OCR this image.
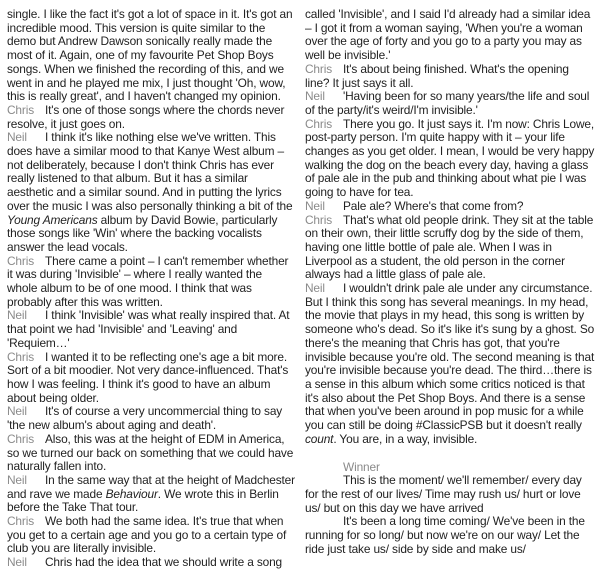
single. I like the fact it's got a lot of space in it. It's got an incredible mood. This version is quite similar to the demo but Andrew Dawson sonically really made the most of it. Again, one of my favourite Pet Shop Boys songs. When we finished the recording of this, and we went in and he played me mix, I just thought 'Oh, wow, this is really great', and I haven't changed my opinion.

Chris It's one of those songs where the chords never resolve, it just goes on.

Neil I think it's like nothing else we've written. This does have a similar mood to that Kanye West album – not deliberately, because I don't think Chris has ever really listened to that album. But it has a similar aesthetic and a similar sound. And in putting the lyrics over the music I was also personally thinking a bit of the Young Americans album by David Bowie, particularly those songs like 'Win' where the backing vocalists answer the lead vocals.

Chris There came a point – I can't remember whether it was during 'Invisible' – where I really wanted the whole album to be of one mood. I think that was probably after this was written.

Neil I think 'Invisible' was what really inspired that. At that point we had 'Invisible' and 'Leaving' and 'Requiem…'

Chris I wanted it to be reflecting one's age a bit more. Sort of a bit moodier. Not very dance-influenced. That's how I was feeling. I think it's good to have an album about being older.

Neil It's of course a very uncommercial thing to say 'the new album's about aging and death'.

Chris Also, this was at the height of EDM in America, so we turned our back on something that we could have naturally fallen into.

Neil In the same way that at the height of Madchester and rave we made Behaviour. We wrote this in Berlin before the Take That tour.

Chris We both had the same idea. It's true that when you get to a certain age and you go to a certain type of club you are literally invisible.

Neil Chris had the idea that we should write a song

called 'Invisible', and I said I'd already had a similar idea – I got it from a woman saying, 'When you're a woman over the age of forty and you go to a party you may as well be invisible.'

Chris It's about being finished. What's the opening line? It just says it all.

Neil 'Having been for so many years/the life and soul of the party/it's weird/I'm invisible.'

Chris There you go. It just says it. I'm now: Chris Lowe, post-party person. I'm quite happy with it – your life changes as you get older. I mean, I would be very happy walking the dog on the beach every day, having a glass of pale ale in the pub and thinking about what pie I was going to have for tea.

Neil Pale ale? Where's that come from?

Chris That's what old people drink. They sit at the table on their own, their little scruffy dog by the side of them, having one little bottle of pale ale. When I was in Liverpool as a student, the old person in the corner always had a little glass of pale ale.

Neil I wouldn't drink pale ale under any circumstance. But I think this song has several meanings. In my head, the movie that plays in my head, this song is written by someone who's dead. So it's like it's sung by a ghost. So there's the meaning that Chris has got, that you're invisible because you're old. The second meaning is that you're invisible because you're dead. The third…there is a sense in this album which some critics noticed is that it's also about the Pet Shop Boys. And there is a sense that when you've been around in pop music for a while you can still be doing #ClassicPSB but it doesn't really count. You are, in a way, invisible.

Winner

This is the moment/ we'll remember/ every day for the rest of our lives/ Time may rush us/ hurt or love us/ but on this day we have arrived

It's been a long time coming/ We've been in the running for so long/ but now we're on our way/ Let the ride just take us/ side by side and make us/
